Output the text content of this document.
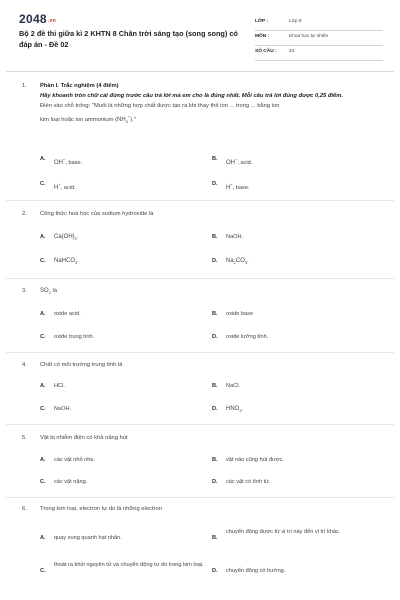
$2048^{.vn}$
Bộ 2 đề thi giữa kì 2 KHTN 8 Chân trời sáng tạo (song song) có đáp án - Đề 02
LỚP :	Lớp 8
MÔN :	Khoa học tự nhiên
SỐ CÂU :	24
1. Phần I. Trắc nghiệm (4 điểm)
Hãy khoanh tròn chữ cái đứng trước câu trả lời mà em cho là đúng nhất. Mỗi câu trả lời đúng được 0,25 điểm.
Điền vào chỗ trống: "Muối là những hợp chất được tạo ra khi thay thế ion ... trong ... bằng ion
kim loại hoặc ion ammonium $(NH_4^+)$."
A.
OH−, base.
B.
OH−, acid.
C.
H+, acid.
D.
H+, base.
2. Công thức hoá học của sodium hydroxide là
A. $Ca(OH)_2$.	B. NaOH.
C. NaHCO$_3$.	D. $Na_2CO_3$.
3. $SO_2$ là
A. oxide acid.	B. oxide base
C. oxide trung tính.	D. oxide lưỡng tính.
4. Chất có môi trường trung tính là
A. HCl.	B. NaCl.
C. NaOH.	D. $HNO_3$.
5. Vật bị nhiễm điện có khả năng hút
A. các vật nhỏ nhẹ.	B. vật nào cũng hút được.
C. các vật nặng.	D. các vật có tính từ.
6. Trong kim loại, electron tự do là những electron
A. quay xung quanh hạt nhân.	B.
chuyển động được từ vị trí này đến vị trí khác.
C.
thoát ra khỏi nguyên tử và chuyển động tự do trong kim loại.
D. chuyển động có hướng.
